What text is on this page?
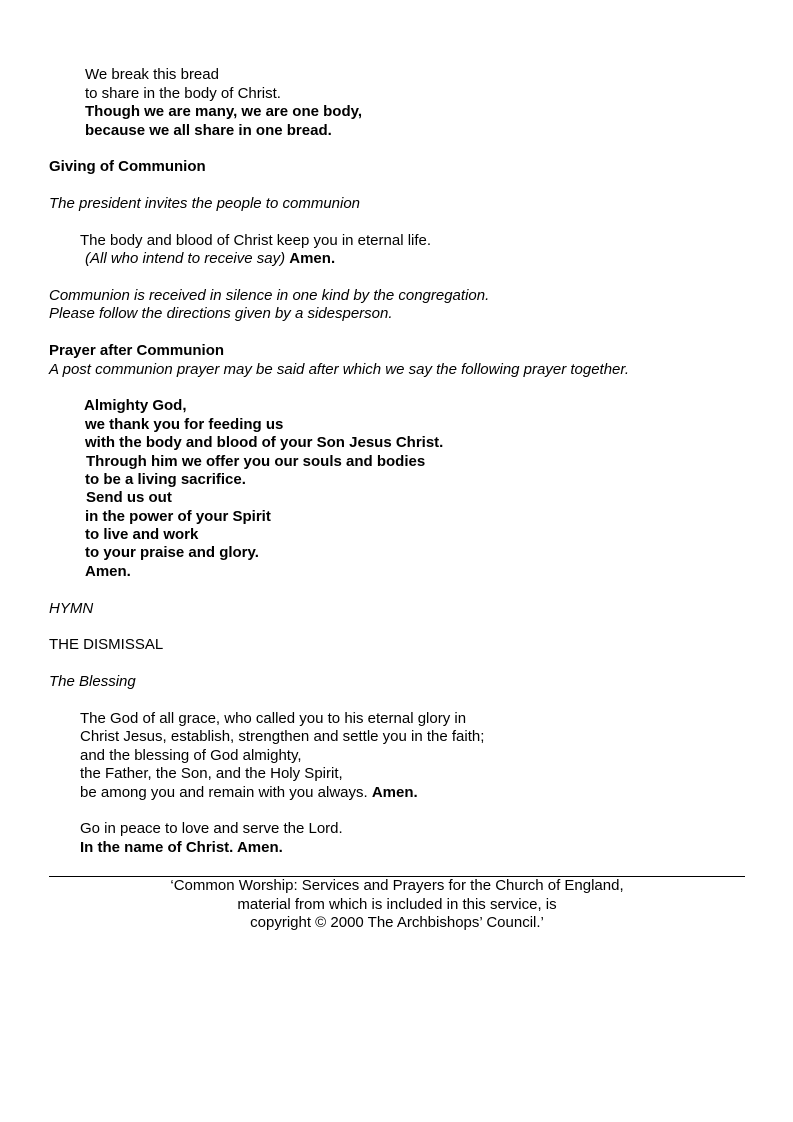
We break this bread
to share in the body of Christ.
Though we are many, we are one body,
because we all share in one bread.
Giving of Communion
The president invites the people to communion
The body and blood of Christ keep you in eternal life.
(All who intend to receive say) Amen.
Communion is received in silence in one kind by the congregation.
Please follow the directions given by a sidesperson.
Prayer after Communion
A post communion prayer may be said after which we say the following prayer together.
Almighty God,
we thank you for feeding us
with the body and blood of your Son Jesus Christ.
Through him we offer you our souls and bodies
to be a living sacrifice.
Send us out
in the power of your Spirit
to live and work
to your praise and glory.
Amen.
HYMN
THE DISMISSAL
The Blessing
The God of all grace, who called you to his eternal glory in
Christ Jesus, establish, strengthen and settle you in the faith;
and the blessing of God almighty,
the Father, the Son, and the Holy Spirit,
be among you and remain with you always. Amen.
Go in peace to love and serve the Lord.
In the name of Christ. Amen.
‘Common Worship: Services and Prayers for the Church of England,
material from which is included in this service, is
copyright © 2000 The Archbishops’ Council.’
